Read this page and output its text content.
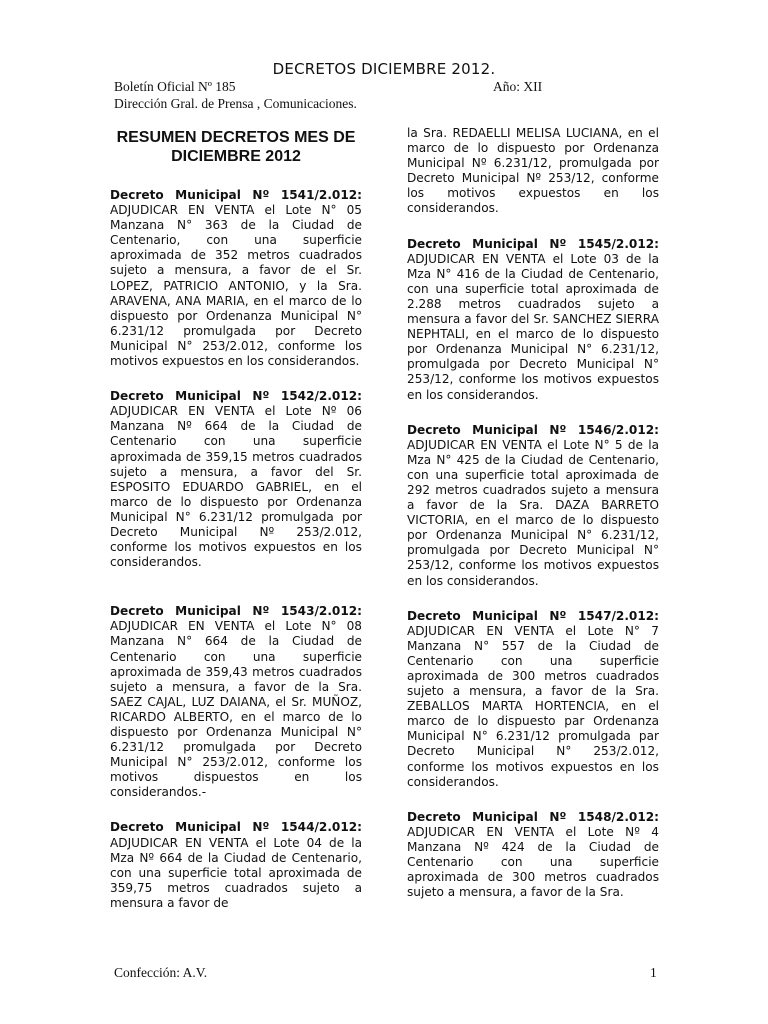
DECRETOS DICIEMBRE 2012.
Boletín Oficial Nº 185	Año: XII
Dirección Gral. de Prensa , Comunicaciones.
RESUMEN DECRETOS MES DE DICIEMBRE 2012
Decreto Municipal Nº 1541/2.012:
ADJUDICAR EN VENTA el Lote N° 05 Manzana N° 363 de la Ciudad de Centenario, con una superficie aproximada de 352 metros cuadrados sujeto a mensura, a favor de el Sr. LOPEZ, PATRICIO ANTONIO, y la Sra. ARAVENA, ANA MARIA, en el marco de lo dispuesto por Ordenanza Municipal N° 6.231/12 promulgada por Decreto Municipal N° 253/2.012, conforme los motivos expuestos en los considerandos.
Decreto Municipal Nº 1542/2.012:
ADJUDICAR EN VENTA el Lote Nº 06 Manzana Nº 664 de la Ciudad de Centenario con una superficie aproximada de 359,15 metros cuadrados sujeto a mensura, a favor del Sr. ESPOSITO EDUARDO GABRIEL, en el marco de lo dispuesto por Ordenanza Municipal N° 6.231/12 promulgada por Decreto Municipal Nº 253/2.012, conforme los motivos expuestos en los considerandos.
Decreto Municipal Nº 1543/2.012:
ADJUDICAR EN VENTA el Lote N° 08 Manzana N° 664 de la Ciudad de Centenario con una superficie aproximada de 359,43 metros cuadrados sujeto a mensura, a favor de la Sra. SAEZ CAJAL, LUZ DAIANA, el Sr. MUÑOZ, RICARDO ALBERTO, en el marco de lo dispuesto por Ordenanza Municipal N° 6.231/12 promulgada por Decreto Municipal N° 253/2.012, conforme los motivos dispuestos en los considerandos.-
Decreto Municipal Nº 1544/2.012:
ADJUDICAR EN VENTA el Lote 04 de la Mza Nº 664 de la Ciudad de Centenario, con una superficie total aproximada de 359,75 metros cuadrados sujeto a mensura a favor de
la Sra. REDAELLI MELISA LUCIANA, en el marco de lo dispuesto por Ordenanza Municipal Nº 6.231/12, promulgada por Decreto Municipal Nº 253/12, conforme los motivos expuestos en los considerandos.
Decreto Municipal Nº 1545/2.012:
ADJUDICAR EN VENTA el Lote 03 de la Mza N° 416 de la Ciudad de Centenario, con una superficie total aproximada de 2.288 metros cuadrados sujeto a mensura a favor del Sr. SANCHEZ SIERRA NEPHTALI, en el marco de lo dispuesto por Ordenanza Municipal N° 6.231/12, promulgada por Decreto Municipal N° 253/12, conforme los motivos expuestos en los considerandos.
Decreto Municipal Nº 1546/2.012:
ADJUDICAR EN VENTA el Lote N° 5 de la Mza N° 425 de la Ciudad de Centenario, con una superficie total aproximada de 292 metros cuadrados sujeto a mensura a favor de la Sra. DAZA BARRETO VICTORIA, en el marco de lo dispuesto por Ordenanza Municipal N° 6.231/12, promulgada por Decreto Municipal N° 253/12, conforme los motivos expuestos en los considerandos.
Decreto Municipal Nº 1547/2.012:
ADJUDICAR EN VENTA el Lote N° 7 Manzana N° 557 de la Ciudad de Centenario con una superficie aproximada de 300 metros cuadrados sujeto a mensura, a favor de la Sra. ZEBALLOS MARTA HORTENCIA, en el marco de lo dispuesto par Ordenanza Municipal N° 6.231/12 promulgada par Decreto Municipal N° 253/2.012, conforme los motivos expuestos en los considerandos.
Decreto Municipal Nº 1548/2.012:
ADJUDICAR EN VENTA el Lote Nº 4 Manzana Nº 424 de la Ciudad de Centenario con una superficie aproximada de 300 metros cuadrados sujeto a mensura, a favor de la Sra.
Confección: A.V.	1
